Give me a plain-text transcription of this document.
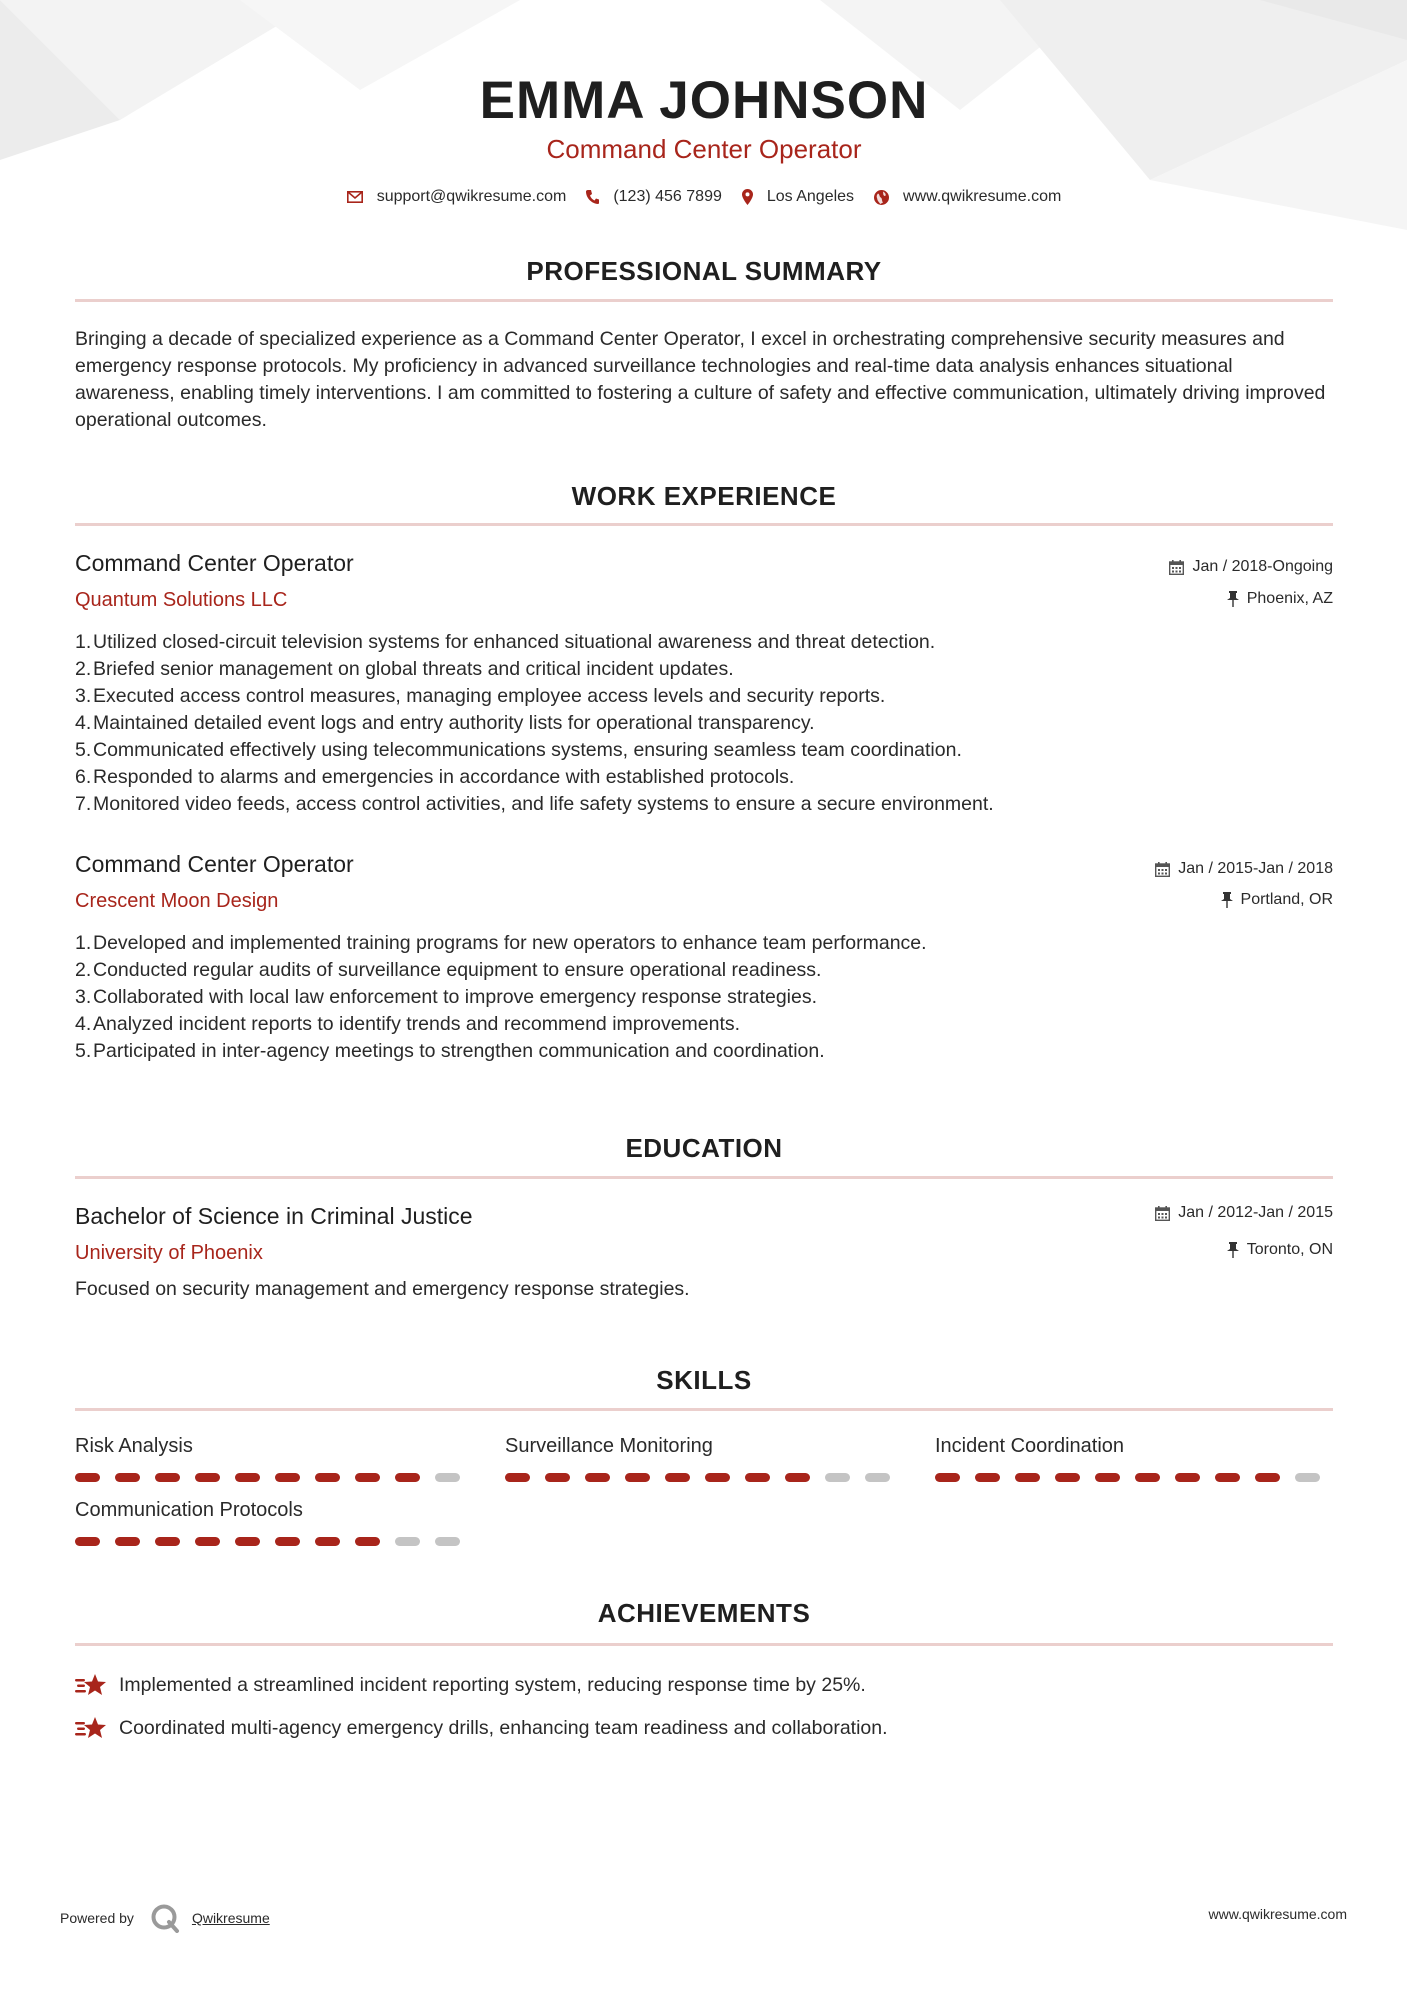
EMMA JOHNSON
Command Center Operator
support@qwikresume.com	(123) 456 7899	Los Angeles	www.qwikresume.com
PROFESSIONAL SUMMARY
Bringing a decade of specialized experience as a Command Center Operator, I excel in orchestrating comprehensive security measures and emergency response protocols. My proficiency in advanced surveillance technologies and real-time data analysis enhances situational awareness, enabling timely interventions. I am committed to fostering a culture of safety and effective communication, ultimately driving improved operational outcomes.
WORK EXPERIENCE
Command Center Operator
Quantum Solutions LLC
Jan / 2018-Ongoing
Phoenix, AZ
1. Utilized closed-circuit television systems for enhanced situational awareness and threat detection.
2. Briefed senior management on global threats and critical incident updates.
3. Executed access control measures, managing employee access levels and security reports.
4. Maintained detailed event logs and entry authority lists for operational transparency.
5. Communicated effectively using telecommunications systems, ensuring seamless team coordination.
6. Responded to alarms and emergencies in accordance with established protocols.
7. Monitored video feeds, access control activities, and life safety systems to ensure a secure environment.
Command Center Operator
Crescent Moon Design
Jan / 2015-Jan / 2018
Portland, OR
1. Developed and implemented training programs for new operators to enhance team performance.
2. Conducted regular audits of surveillance equipment to ensure operational readiness.
3. Collaborated with local law enforcement to improve emergency response strategies.
4. Analyzed incident reports to identify trends and recommend improvements.
5. Participated in inter-agency meetings to strengthen communication and coordination.
EDUCATION
Bachelor of Science in Criminal Justice
University of Phoenix
Jan / 2012-Jan / 2015
Toronto, ON
Focused on security management and emergency response strategies.
SKILLS
Risk Analysis	Surveillance Monitoring	Incident Coordination
Communication Protocols
ACHIEVEMENTS
Implemented a streamlined incident reporting system, reducing response time by 25%.
Coordinated multi-agency emergency drills, enhancing team readiness and collaboration.
Powered by	Qwikresume	www.qwikresume.com
